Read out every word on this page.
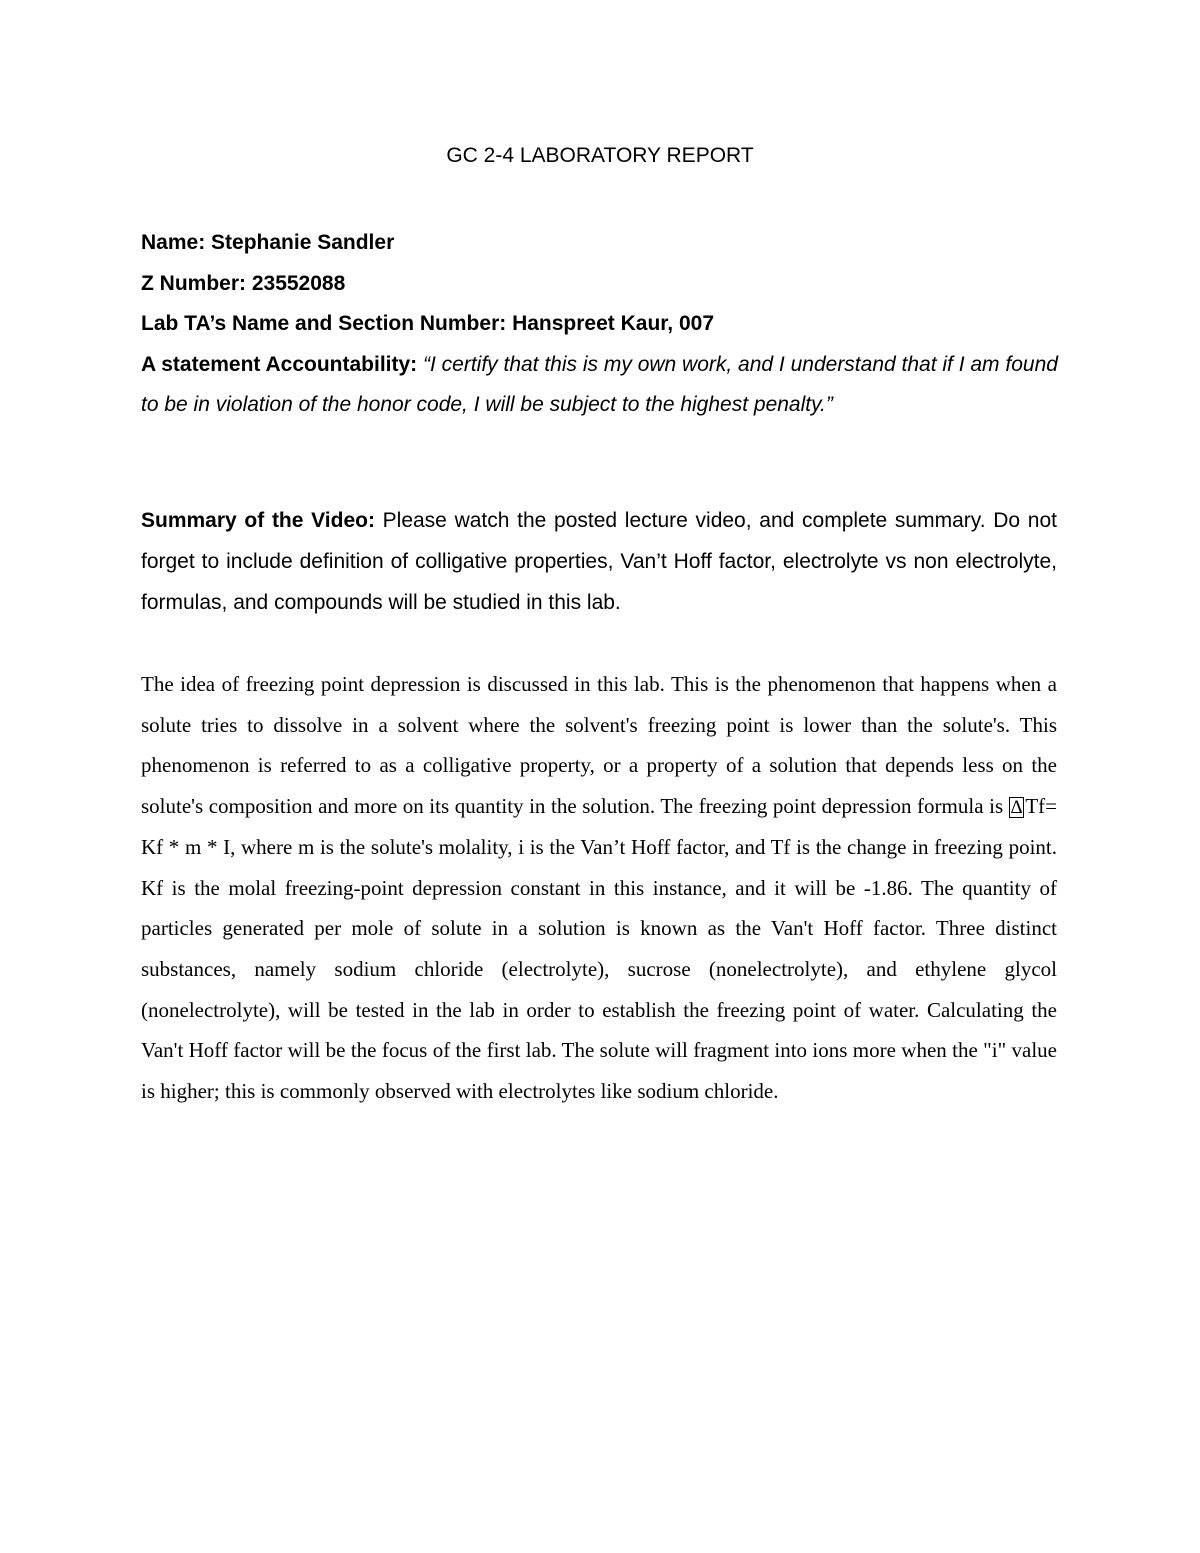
GC 2-4 LABORATORY REPORT

Name: Stephanie Sandler

Z Number: 23552088

Lab TA’s Name and Section Number: Hanspreet Kaur, 007

A statement Accountability: “I certify that this is my own work, and I understand that if I am found to be in violation of the honor code, I will be subject to the highest penalty.”

Summary of the Video: Please watch the posted lecture video, and complete summary. Do not forget to include definition of colligative properties, Van’t Hoff factor, electrolyte vs non electrolyte, formulas, and compounds will be studied in this lab.

The idea of freezing point depression is discussed in this lab. This is the phenomenon that happens when a solute tries to dissolve in a solvent where the solvent's freezing point is lower than the solute's. This phenomenon is referred to as a colligative property, or a property of a solution that depends less on the solute's composition and more on its quantity in the solution. The freezing point depression formula is ∆ Tf= Kf * m * I, where m is the solute's molality, i is the Van’t Hoff factor, and Tf is the change in freezing point. Kf is the molal freezing-point depression constant in this instance, and it will be -1.86. The quantity of particles generated per mole of solute in a solution is known as the Van't Hoff factor. Three distinct substances, namely sodium chloride (electrolyte), sucrose (nonelectrolyte), and ethylene glycol (nonelectrolyte), will be tested in the lab in order to establish the freezing point of water. Calculating the Van't Hoff factor will be the focus of the first lab. The solute will fragment into ions more when the "i" value is higher; this is commonly observed with electrolytes like sodium chloride.
